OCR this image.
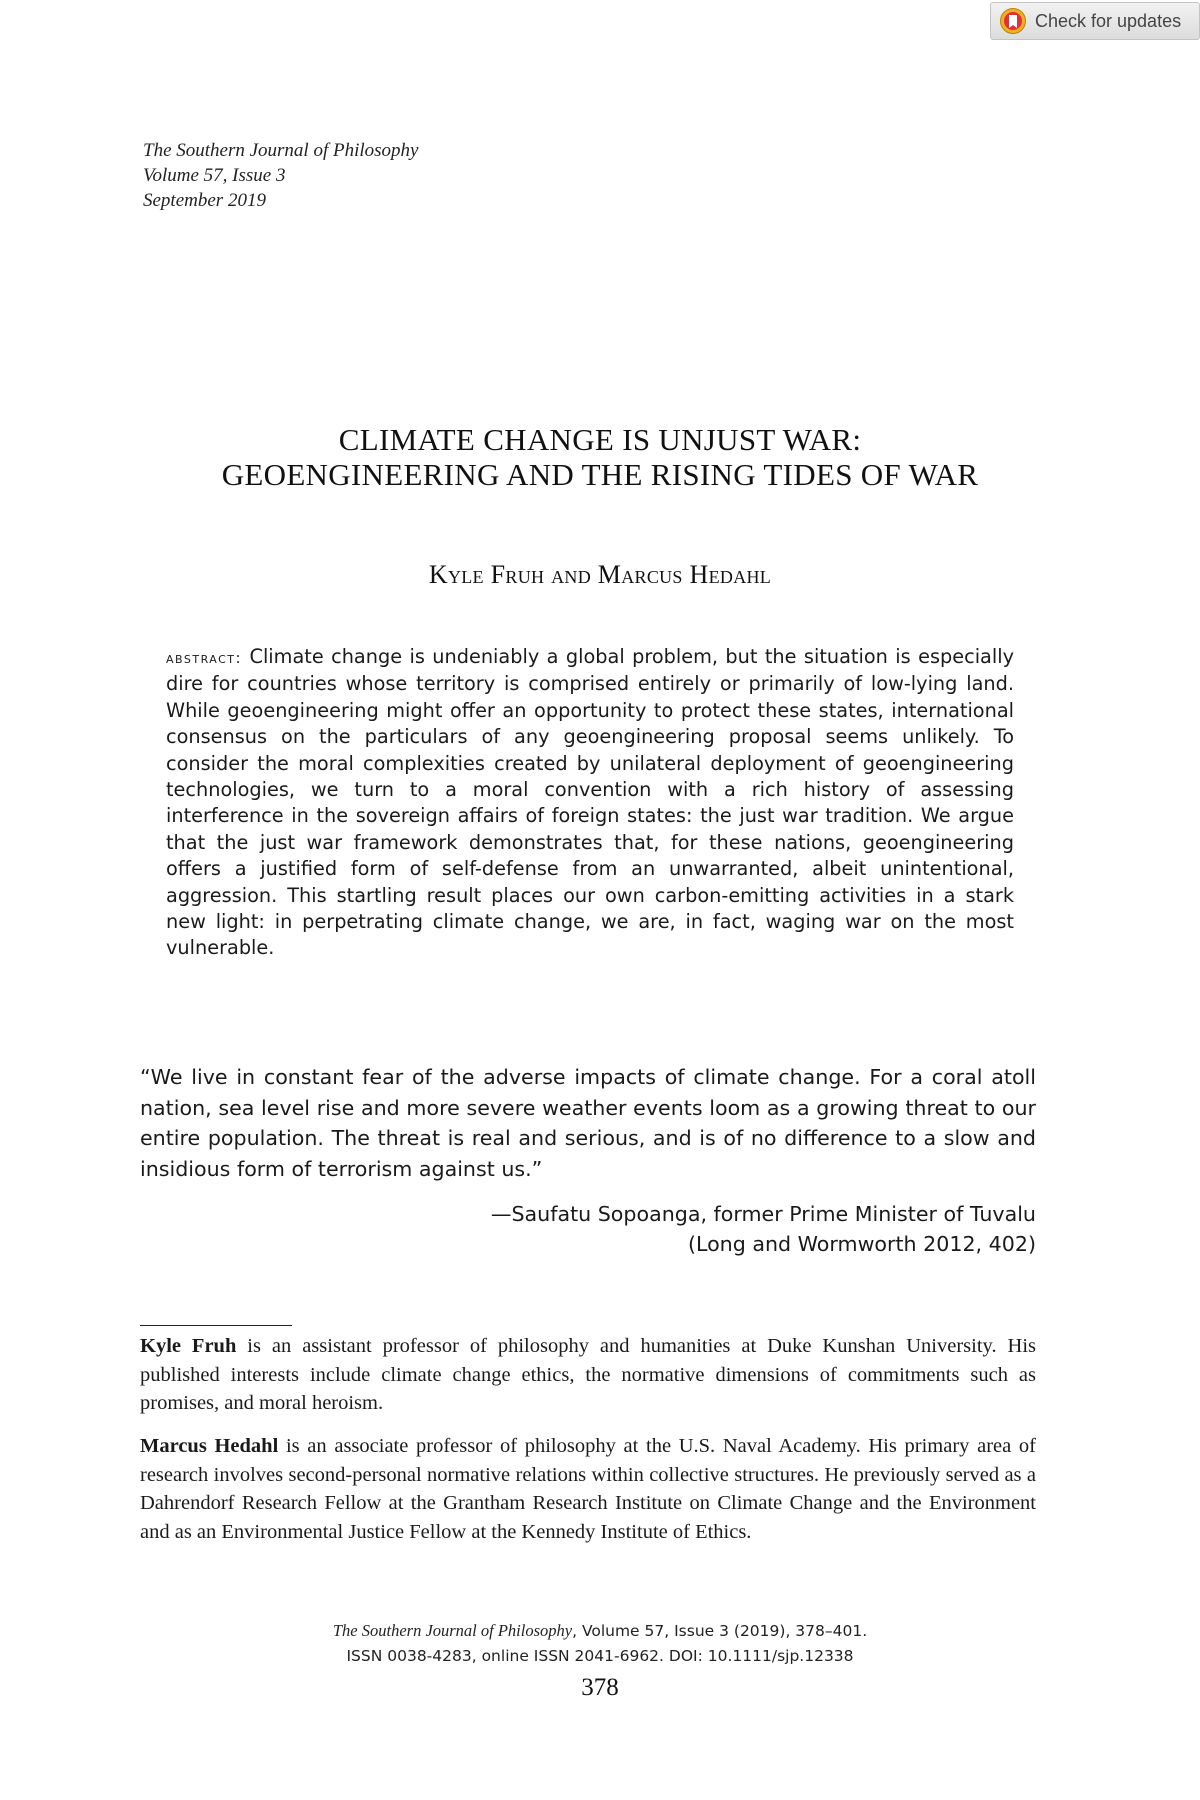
Check for updates
The Southern Journal of Philosophy
Volume 57, Issue 3
September 2019
CLIMATE CHANGE IS UNJUST WAR:
GEOENGINEERING AND THE RISING TIDES OF WAR
Kyle Fruh and Marcus Hedahl

abstract: Climate change is undeniably a global problem, but the situation is especially dire for countries whose territory is comprised entirely or primarily of low-lying land. While geoengineering might offer an opportunity to protect these states, international consensus on the particulars of any geoengineering proposal seems unlikely. To consider the moral complexities created by unilateral deployment of geoengineering technologies, we turn to a moral convention with a rich history of assessing interference in the sovereign affairs of foreign states: the just war tradition. We argue that the just war framework demonstrates that, for these nations, geoengineering offers a justified form of self-defense from an unwarranted, albeit unintentional, aggression. This startling result places our own carbon-emitting activities in a stark new light: in perpetrating climate change, we are, in fact, waging war on the most vulnerable.

“We live in constant fear of the adverse impacts of climate change. For a coral atoll nation, sea level rise and more severe weather events loom as a growing threat to our entire population. The threat is real and serious, and is of no difference to a slow and insidious form of terrorism against us.”

—Saufatu Sopoanga, former Prime Minister of Tuvalu
(Long and Wormworth 2012, 402)

Kyle Fruh is an assistant professor of philosophy and humanities at Duke Kunshan University. His published interests include climate change ethics, the normative dimensions of commitments such as promises, and moral heroism.

Marcus Hedahl is an associate professor of philosophy at the U.S. Naval Academy. His primary area of research involves second-personal normative relations within collective structures. He previously served as a Dahrendorf Research Fellow at the Grantham Research Institute on Climate Change and the Environment and as an Environmental Justice Fellow at the Kennedy Institute of Ethics.

The Southern Journal of Philosophy, Volume 57, Issue 3 (2019), 378–401.
ISSN 0038-4283, online ISSN 2041-6962. DOI: 10.1111/sjp.12338
378
